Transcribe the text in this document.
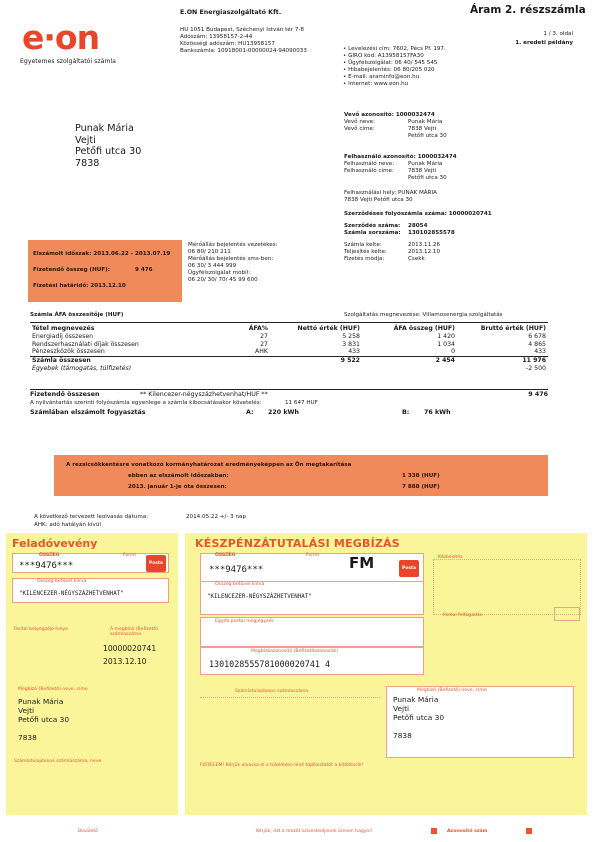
e·on
Egyetemes szolgáltatói számla
E.ON Energiaszolgáltató Kft.
HU 1051 Budapest, Széchenyi István tér 7-8
Adószám: 13958157-2-44
Közösségi adószám: HU13958157
Bankszámla: 10918001-00000024-94090033
Áram 2. részszámla
1 / 3. oldal
1. eredeti példány
• Levelezési cím: 7602, Pécs Pf. 197.
• GIRO kód: A13958157FA30
• Ügyfélszolgálat: 06 40/ 545 545
• Hibabejelentés: 06 80/205 020
• E-mail: araminfo@eon.hu
• Internet: www.eon.hu
Punak Mária
Vejti
Petőfi utca 30
7838
Vevő azonosító: 1000032474
Vevő neve:	Punak Mária
Vevő címe:	7838 Vejti
Petőfi utca 30
Felhasználó azonosító: 1000032474
Felhasználó neve:	Punak Mária
Felhasználó címe:	7838 Vejti
Petőfi utca 30
Felhasználási hely: PUNAK MÁRIA
7838 Vejti Petőfi utca 30
Szerződéses folyószámla száma: 10000020741
Szerződés száma:	28054
Számla sorszáma:	130102855578
Számla kelte:	2013.11.26
Teljesítés kelte:	2013.12.10
Fizetés módja:	Csekk
Elszámolt időszak: 2013.06.22 - 2013.07.19
Fizetendő összeg (HUF):	9 476
Fizetési határidő: 2013.12.10
Mérőállás bejelentés vezetékes:
06 80/ 210 211
Mérőállás bejelentés sms-ben:
06 30/ 3 444 999
Ügyfélszolgálat mobil:
06 20/ 30/ 70/ 45 99 600
Számla ÁFA összesítője (HUF)	Szolgáltatás megnevezése: Villamosenergia szolgáltatás
Tétel megnevezés	ÁFA%	Nettó érték (HUF)	ÁFA összeg (HUF)	Bruttó érték (HUF)
Energiadíj összesen	27	5 258	1 420	6 678
Rendszerhasználati díjak összesen	27	3 831	1 034	4 865
Pénzeszközök összesen	AHK	433	0	433
Számla összesen		9 522	2 454	11 976
Egyebek (támogatás, túlfizetés)				-2 500
Fizetendő összesen	** Kilencezer-négyszázhetvenhat/HUF **	9 476
A nyilvántartás szerinti folyószámla egyenlege a számla kibocsátásakor követelés:	11 647 HUF
Számlában elszámolt fogyasztás	A: 220 kWh	B: 76 kWh
A rezsicsökkentésre vonatkozó kormányhatározat eredményeképpen az Ön megtakarítása
ebben az elszámolt időszakban:	1 338 (HUF)
2013. január 1-je óta összesen:	7 888 (HUF)
A következő tervezett leolvasás dátuma:	2014.05.22 +/- 3 nap
AHK: adó hatályán kívül
Feladóvevény
ÖSSZEG	Forint
***9476***	Posta
Összeg betűvel kiírva
"KILENCEZER-NÉGYSZÁZHETVENHAT"
Postai bélyegzője helye	A megbízó (Befizető) számlaszáma
10000020741
2013.12.10
Megbízó (Befizető) neve, címe
Punak Mária
Vejti
Petőfi utca 30
7838
Számlatulajdonos számlaszáma, neve
KÉSZPÉNZÁTUTALÁSI MEGBÍZÁS
ÖSSZEG	Forint
***9476***	FM	Posta
Összeg betűvel kiírva
"KILENCEZER-NÉGYSZÁZHETVENHAT"
Egyéb postai megjegyzés
Megbízóazonosító (Befizetőazonosító)
1301028555781000020741 4
Számlatulajdonos számlaszáma	Megbízó (Befizető) neve, címe
Punak Mária
Vejti
Petőfi utca 30
7838
Kézbesítés
Postai felfogadás
FIGYELEM! Kérjük olvassa el a túloldalon lévő tájékoztatót a kitöltésről!
Bevizető	Kérjük, ezt a mezőt szíveskedjenek üresen hagyni!	Azonosító szám
